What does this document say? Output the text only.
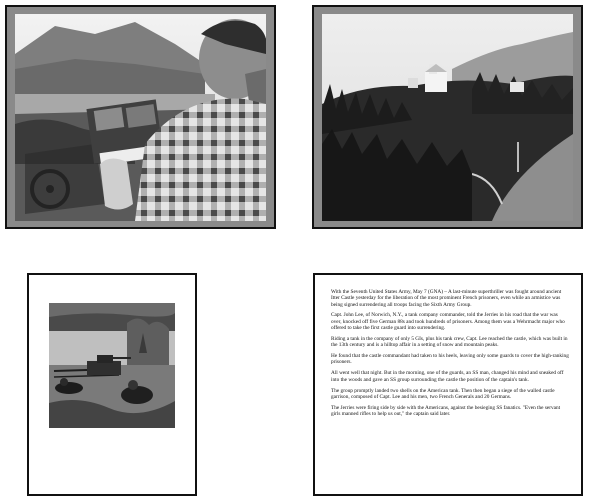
With the Seventh United States Army, May 7 (GNA) – A last-minute superthriller was fought around ancient Itter Castle yesterday for the liberation of the most prominent French prisoners, even while an armistice was being signed surrendering all troops facing the Sixth Army Group.

Capt. John Lee, of Norwich, N.Y., a tank company commander, told the Jerries in his road that the war was over, knocked off five German 88s and took hundreds of prisoners. Among them was a Wehrmacht major who offered to take the first castle guard into surrendering.

Riding a tank in the company of only 5 GIs, plus his tank crew, Capt. Lee reached the castle, which was built in the 13th century and is a hilltop affair in a setting of snow and mountain peaks.

He found that the castle commandant had taken to his heels, leaving only some guards to cover the high-ranking prisoners.

All went well that night. But in the morning, one of the guards, an SS man, changed his mind and sneaked off into the woods and gave an SS group surrounding the castle the position of the captain's tank.

The group promptly landed two shells on the American tank. Then then began a siege of the walled castle garrison, composed of Capt. Lee and his men, two French Generals and 20 Germans.

The Jerries were firing side by side with the Americans, against the besieging SS fanatics. "Even the servant girls manned rifles to help us out," the captain said later.
